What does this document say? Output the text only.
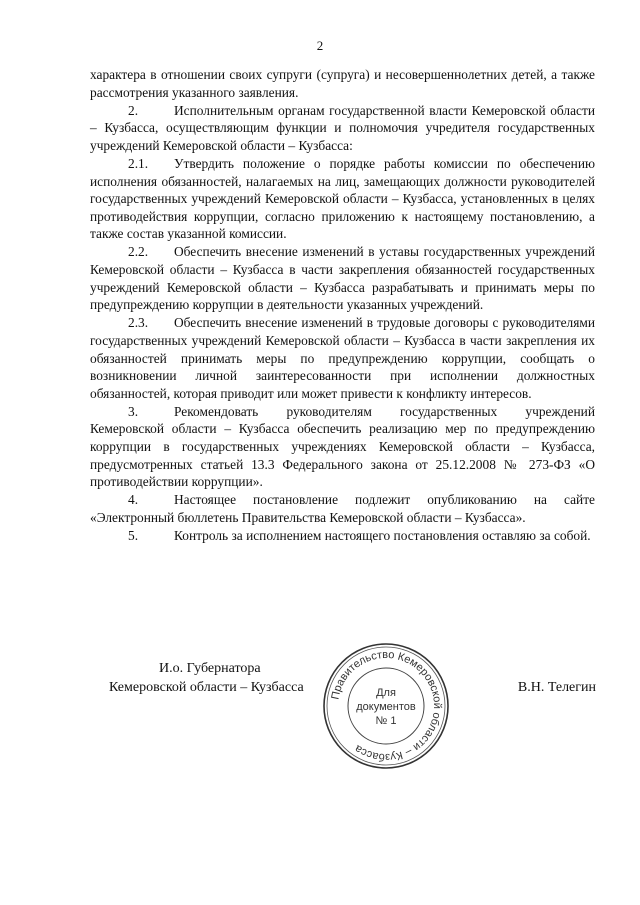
2

характера в отношении своих супруги (супруга) и несовершеннолетних детей, а также рассмотрения указанного заявления.

2.	Исполнительным органам государственной власти Кемеровской области – Кузбасса, осуществляющим функции и полномочия учредителя государственных учреждений Кемеровской области – Кузбасса:

2.1. Утвердить положение о порядке работы комиссии по обеспечению исполнения обязанностей, налагаемых на лиц, замещающих должности руководителей государственных учреждений Кемеровской области – Кузбасса, установленных в целях противодействия коррупции, согласно приложению к настоящему постановлению, а также состав указанной комиссии.

2.2. Обеспечить внесение изменений в уставы государственных учреждений Кемеровской области – Кузбасса в части закрепления обязанностей государственных учреждений Кемеровской области – Кузбасса разрабатывать и принимать меры по предупреждению коррупции в деятельности указанных учреждений.

2.3. Обеспечить внесение изменений в трудовые договоры с руководителями государственных учреждений Кемеровской области – Кузбасса в части закрепления их обязанностей принимать меры по предупреждению коррупции, сообщать о возникновении личной заинтересованности при исполнении должностных обязанностей, которая приводит или может привести к конфликту интересов.

3.	Рекомендовать руководителям государственных учреждений Кемеровской области – Кузбасса обеспечить реализацию мер по предупреждению коррупции в государственных учреждениях Кемеровской области – Кузбасса, предусмотренных статьей 13.3 Федерального закона от 25.12.2008 № 273-ФЗ «О противодействии коррупции».

4.	Настоящее постановление подлежит опубликованию на сайте «Электронный бюллетень Правительства Кемеровской области – Кузбасса».

5.	Контроль за исполнением настоящего постановления оставляю за собой.

И.о. Губернатора
Кемеровской области – Кузбасса	В.Н. Телегин
Правительство Кемеровской области – Кузбасса
Для
документов
№ 1
